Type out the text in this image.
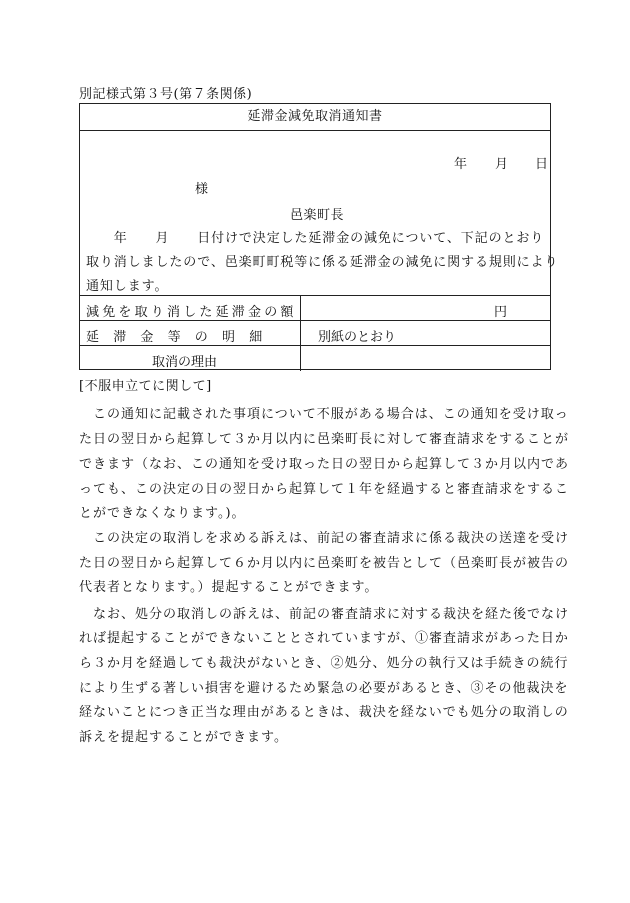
別記様式第３号(第７条関係)
延滞金減免取消通知書
年 月 日
様
邑楽町長
　　年　　月　　日付けで決定した延滞金の減免について、下記のとおり
取り消しましたので、邑楽町町税等に係る延滞金の減免に関する規則により
通知します。
減免を取り消した延滞金の額	円
延　滞　金　等　の　明　細	別紙のとおり
取消の理由
[不服申立てに関して]
　この通知に記載された事項について不服がある場合は、この通知を受け取っ
た日の翌日から起算して３か月以内に邑楽町長に対して審査請求をすることが
できます（なお、この通知を受け取った日の翌日から起算して３か月以内であ
っても、この決定の日の翌日から起算して１年を経過すると審査請求をするこ
とができなくなります。)。
　この決定の取消しを求める訴えは、前記の審査請求に係る裁決の送達を受け
た日の翌日から起算して６か月以内に邑楽町を被告として（邑楽町長が被告の
代表者となります。）提起することができます。
　なお、処分の取消しの訴えは、前記の審査請求に対する裁決を経た後でなけ
れば提起することができないこととされていますが、①審査請求があった日か
ら３か月を経過しても裁決がないとき、②処分、処分の執行又は手続きの続行
により生ずる著しい損害を避けるため緊急の必要があるとき、③その他裁決を
経ないことにつき正当な理由があるときは、裁決を経ないでも処分の取消しの
訴えを提起することができます。
